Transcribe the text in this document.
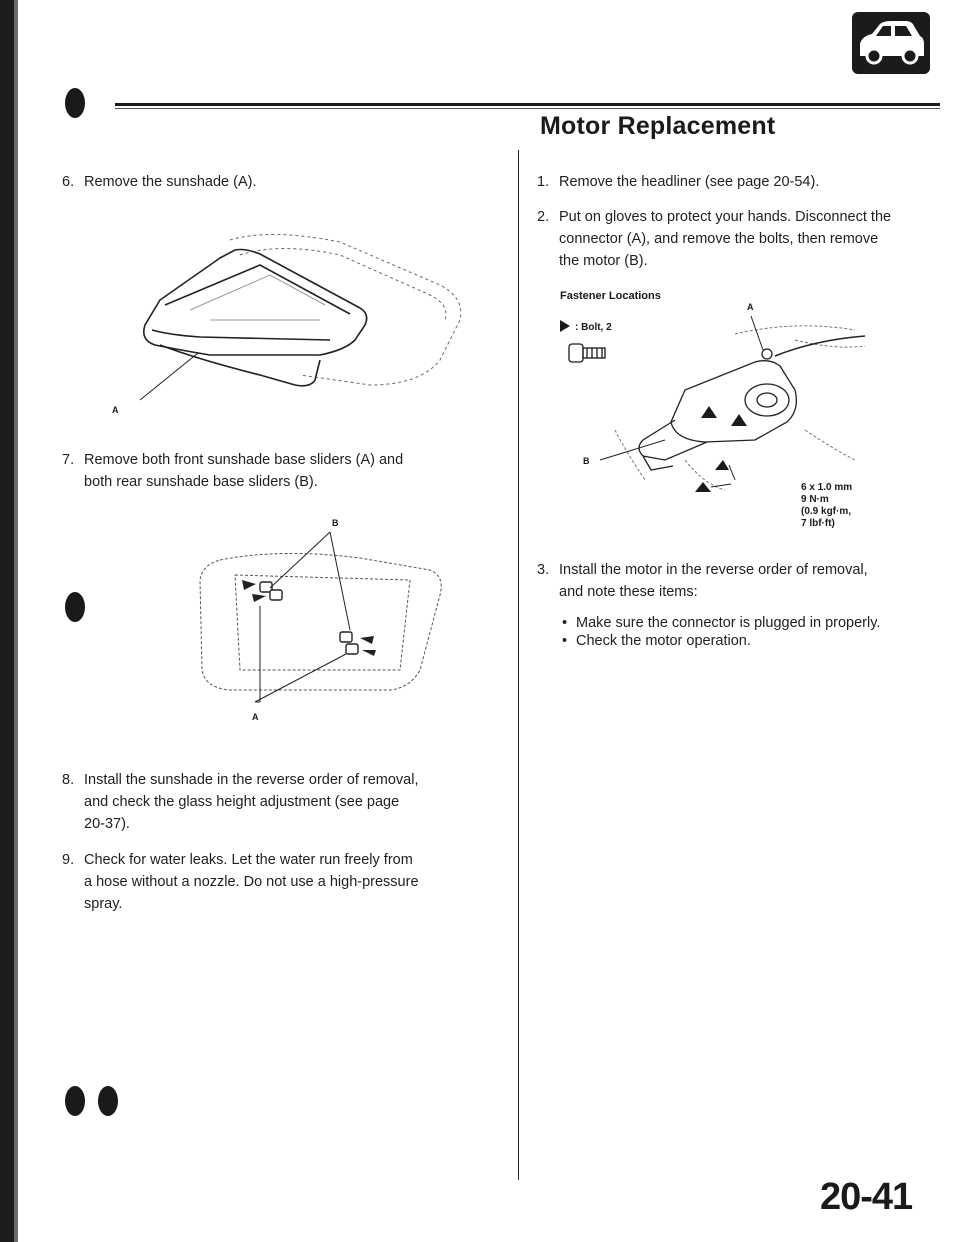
Motor Replacement
6. Remove the sunshade (A).
A
7. Remove both front sunshade base sliders (A) and
both rear sunshade base sliders (B).
B
A
8. Install the sunshade in the reverse order of removal,
and check the glass height adjustment (see page
20-37).
9. Check for water leaks. Let the water run freely from
a hose without a nozzle. Do not use a high-pressure
spray.
1. Remove the headliner (see page 20-54).
2. Put on gloves to protect your hands. Disconnect the
connector (A), and remove the bolts, then remove
the motor (B).
Fastener Locations
: Bolt, 2
A
B
6 x 1.0 mm
9 N·m
(0.9 kgf·m,
7 lbf·ft)
3. Install the motor in the reverse order of removal,
and note these items:
• Make sure the connector is plugged in properly.
• Check the motor operation.
20-41
